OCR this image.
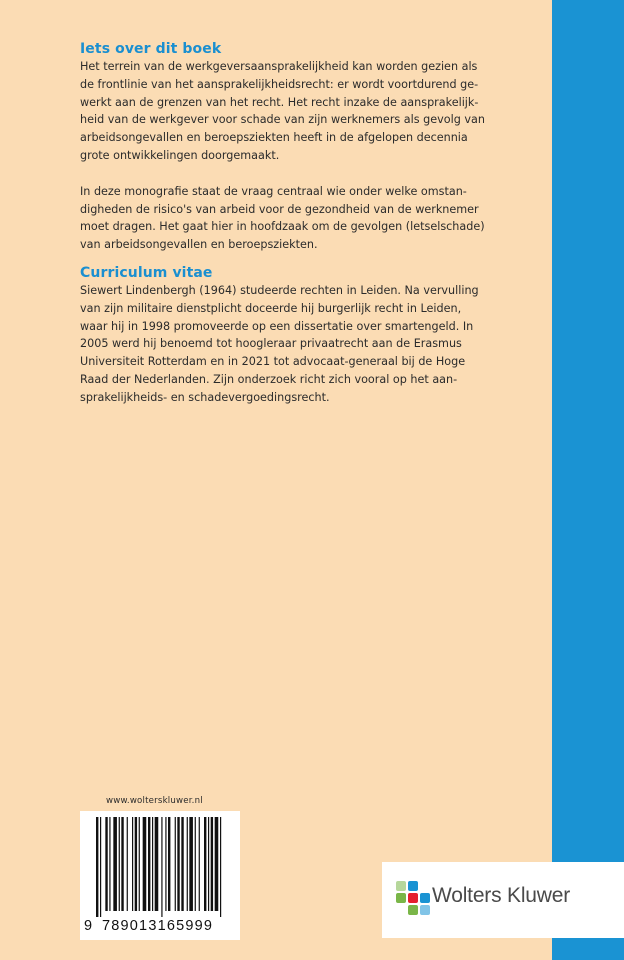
Iets over dit boek

Het terrein van de werkgeversaansprakelijkheid kan worden gezien als
de frontlinie van het aansprakelijkheidsrecht: er wordt voortdurend ge-
werkt aan de grenzen van het recht. Het recht inzake de aansprakelijk-
heid van de werkgever voor schade van zijn werknemers als gevolg van
arbeidsongevallen en beroepsziekten heeft in de afgelopen decennia
grote ontwikkelingen doorgemaakt.

In deze monografie staat de vraag centraal wie onder welke omstan-
digheden de risico's van arbeid voor de gezondheid van de werknemer
moet dragen. Het gaat hier in hoofdzaak om de gevolgen (letselschade)
van arbeidsongevallen en beroepsziekten.

Curriculum vitae

Siewert Lindenbergh (1964) studeerde rechten in Leiden. Na vervulling
van zijn militaire dienstplicht doceerde hij burgerlijk recht in Leiden,
waar hij in 1998 promoveerde op een dissertatie over smartengeld. In
2005 werd hij benoemd tot hoogleraar privaatrecht aan de Erasmus
Universiteit Rotterdam en in 2021 tot advocaat-generaal bij de Hoge
Raad der Nederlanden. Zijn onderzoek richt zich vooral op het aan-
sprakelijkheids- en schadevergoedingsrecht.

www.wolterskluwer.nl
9 789013165999
Wolters Kluwer
